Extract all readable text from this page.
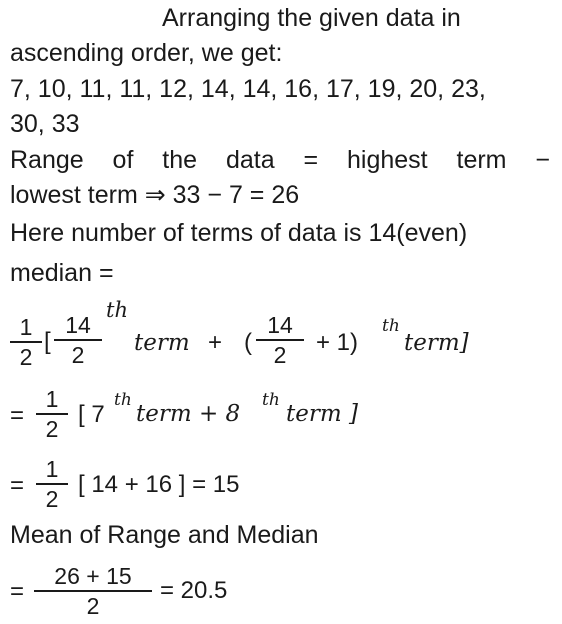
Arranging the given data in
ascending order, we get:
7, 10, 11, 11, 12, 14, 14, 16, 17, 19, 20, 23,
30, 33
Range of the data = highest term −
lowest term ⇒ 33 − 7 = 26
Here number of terms of data is 14(even)
median =
1
2
[
14
2
th
term + (
14
2	+ 1)
th
term]
=
1
2
[ 7
th
term + 8
th
term ]
=
1
2
[ 14 + 16 ] = 15
Mean of Range and Median
=
26 + 15
2
= 20.5
